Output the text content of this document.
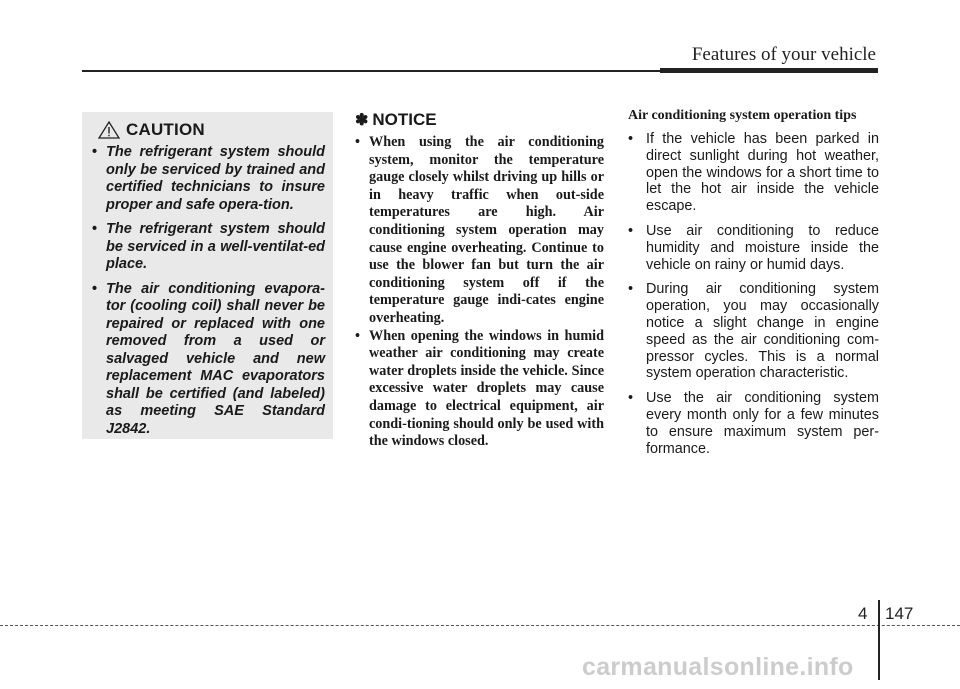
Features of your vehicle
CAUTION
• The refrigerant system should only be serviced by trained and certified technicians to insure proper and safe opera-tion.
• The refrigerant system should be serviced in a well-ventilat-ed place.
• The air conditioning evapora-tor (cooling coil) shall never be repaired or replaced with one removed from a used or salvaged vehicle and new replacement MAC evaporators shall be certified (and labeled) as meeting SAE Standard J2842.
✽ NOTICE
• When using the air conditioning system, monitor the temperature gauge closely whilst driving up hills or in heavy traffic when out-side temperatures are high. Air conditioning system operation may cause engine overheating. Continue to use the blower fan but turn the air conditioning system off if the temperature gauge indi-cates engine overheating.
• When opening the windows in humid weather air conditioning may create water droplets inside the vehicle. Since excessive water droplets may cause damage to electrical equipment, air condi-tioning should only be used with the windows closed.
Air conditioning system operation tips
• If the vehicle has been parked in direct sunlight during hot weather, open the windows for a short time to let the hot air inside the vehicle escape.
• Use air conditioning to reduce humidity and moisture inside the vehicle on rainy or humid days.
• During air conditioning system operation, you may occasionally notice a slight change in engine speed as the air conditioning com-pressor cycles. This is a normal system operation characteristic.
• Use the air conditioning system every month only for a few minutes to ensure maximum system per-formance.
4 147
carmanualsonline.info
